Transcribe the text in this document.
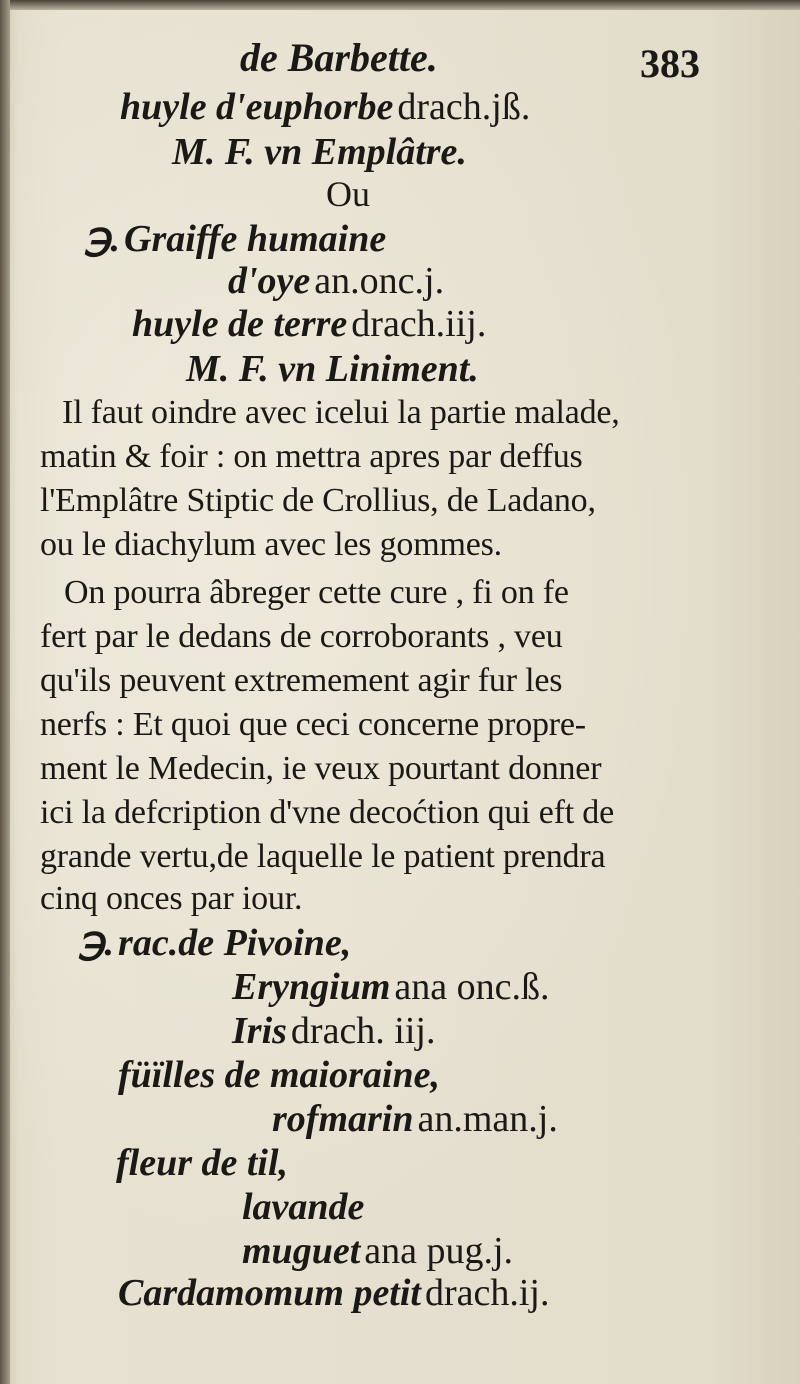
de Barbette.	383
huyle d'euphorbe drach.jß.
M. F. vn Emplâtre.
Ou
℈. Graiffe humaine
d'oye an.onc.j.
huyle de terre drach.iij.
M. F. vn Liniment.
Il faut oindre avec icelui la partie malade,
matin & foir : on mettra apres par deffus
l'Emplâtre Stiptic de Crollius, de Ladano,
ou le diachylum avec les gommes.
On pourra âbreger cette cure , fi on fe
fert par le dedans de corroborants , veu
qu'ils peuvent extremement agir fur les
nerfs : Et quoi que ceci concerne propre-
ment le Medecin, ie veux pourtant donner
ici la defcription d'vne decoćtion qui eft de
grande vertu,de laquelle le patient prendra
cinq onces par iour.
℈. rac.de Pivoine,
Eryngium ana onc.ß.
Iris drach. iij.
füïlles de maioraine,
rofmarin an.man.j.
fleur de til,
lavande
muguet ana pug.j.
Cardamomum petit drach.ij.
